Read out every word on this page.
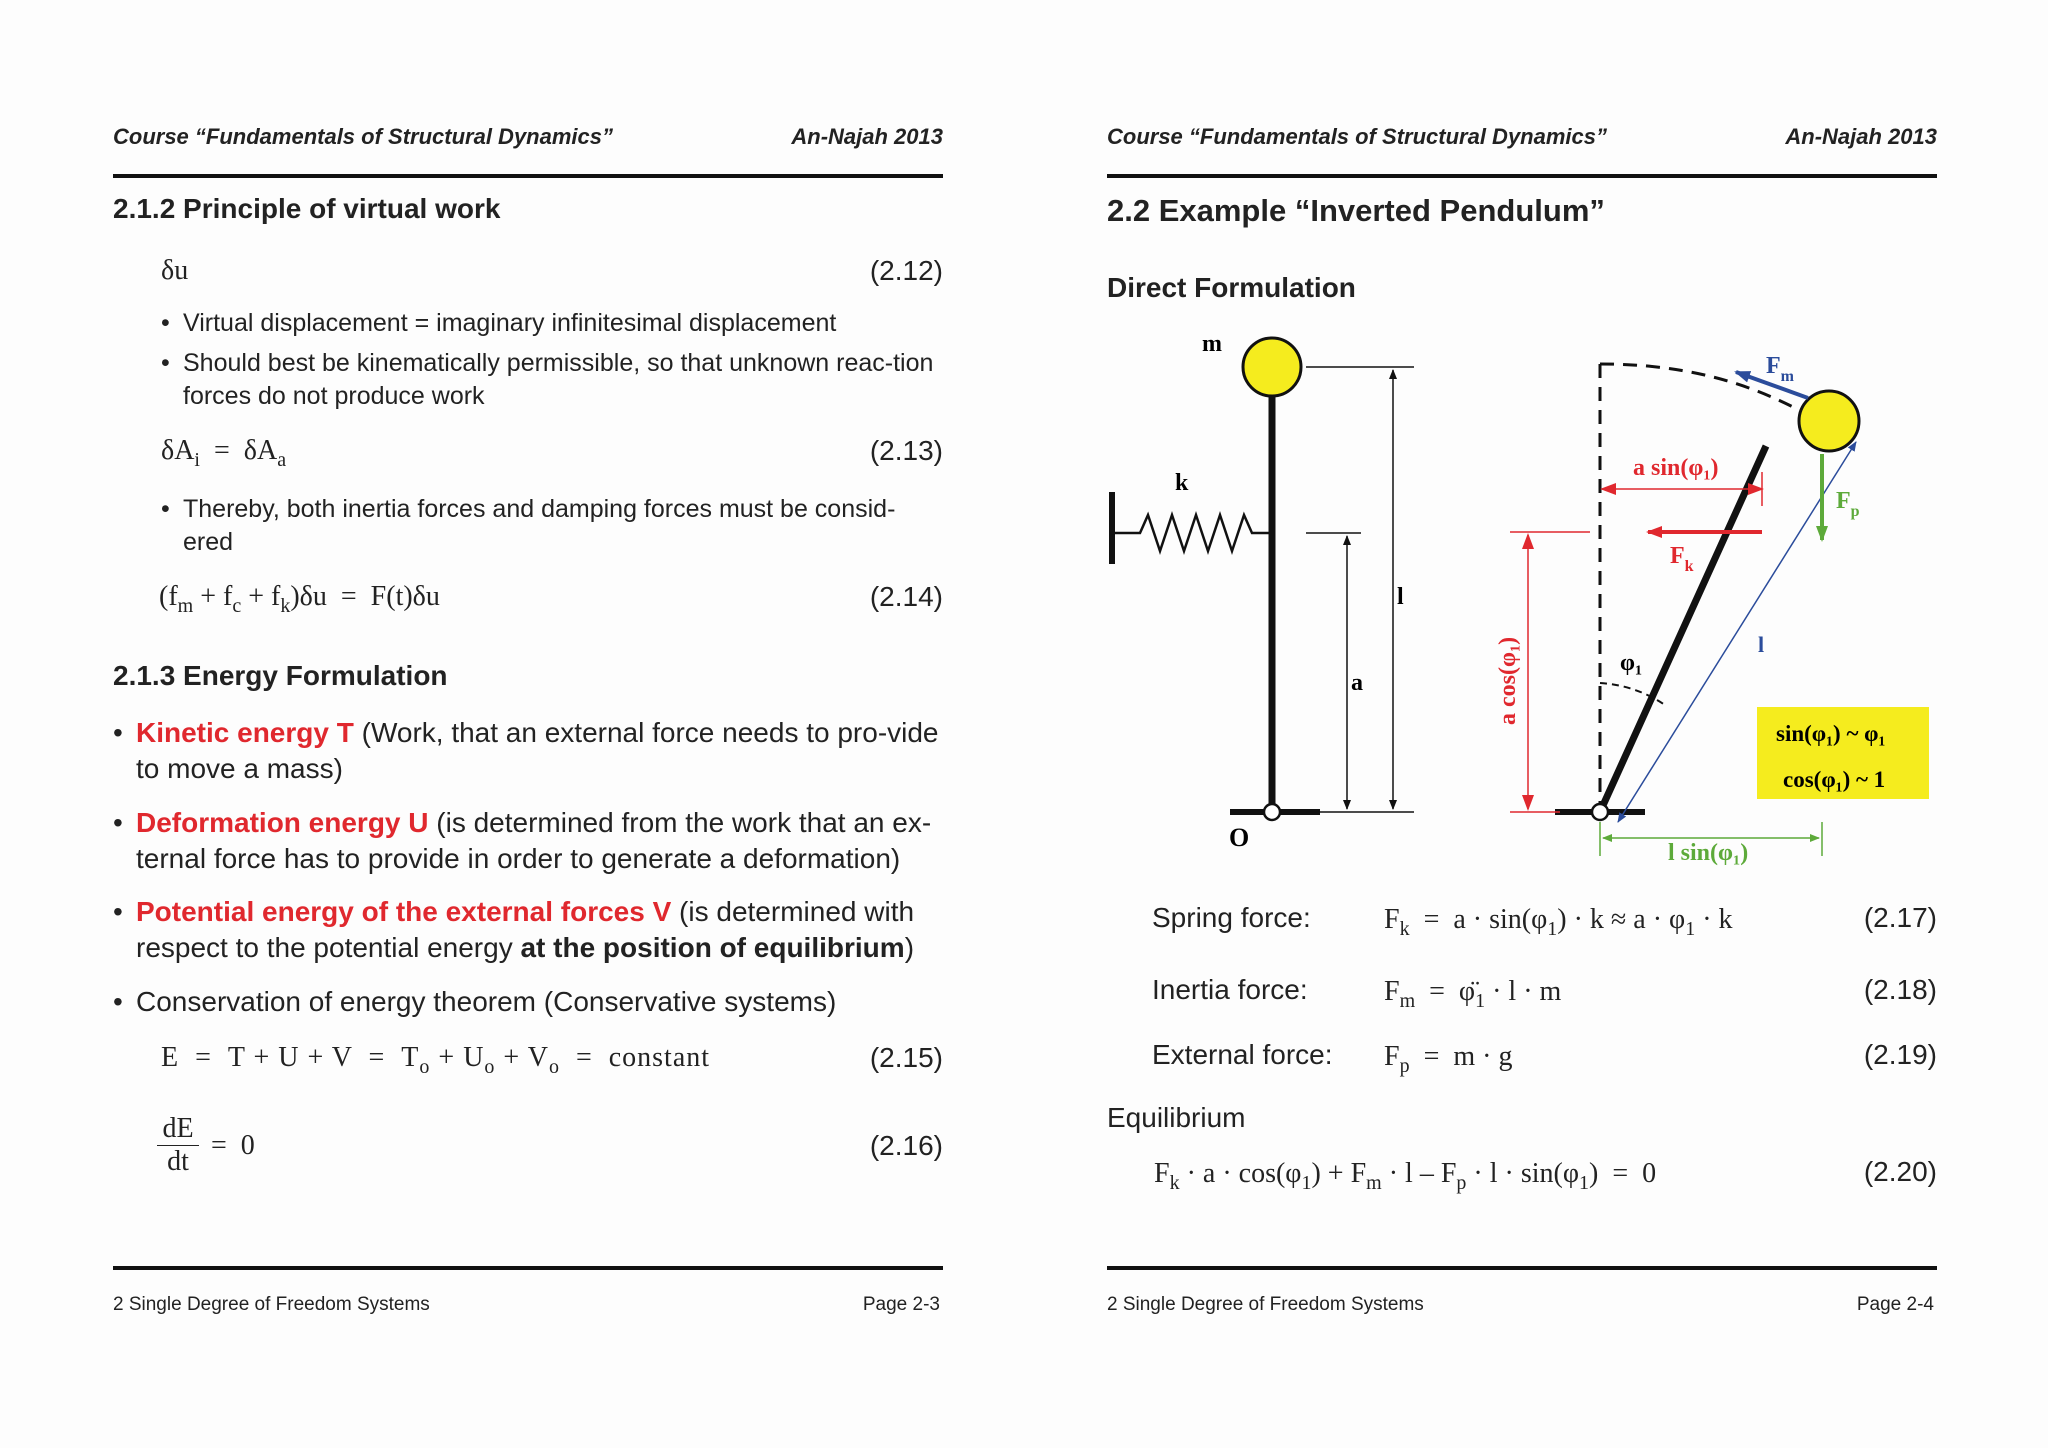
Course “Fundamentals of Structural Dynamics”	An-Najah 2013
2.1.2 Principle of virtual work
δu	(2.12)
• Virtual displacement = imaginary infinitesimal displacement
• Should best be kinematically permissible, so that unknown reac-tion forces do not produce work
$\delta A_i = \delta A_a$	(2.13)
• Thereby, both inertia forces and damping forces must be consid-ered
$(f_m + f_c + f_k)\delta u = F(t)\delta u$	(2.14)
2.1.3 Energy Formulation
• Kinetic energy T (Work, that an external force needs to pro-vide to move a mass)
• Deformation energy U (is determined from the work that an ex-ternal force has to provide in order to generate a deformation)
• Potential energy of the external forces V (is determined with respect to the potential energy at the position of equilibrium)
• Conservation of energy theorem (Conservative systems)
$E = T + U + V = T_o + U_o + V_o$  =  constant	(2.15)
$\frac{dE}{dt} = 0$	(2.16)
2 Single Degree of Freedom Systems	Page 2-3
Course “Fundamentals of Structural Dynamics”	An-Najah 2013
2.2 Example “Inverted Pendulum”
Direct Formulation
m
k
l
a
O
$F_m$
$F_p$
$F_k$
a sin(φ₁)
a cos(φ₁)
l sin(φ₁)
φ₁
l
sin(φ₁) ~ φ₁
cos(φ₁) ~ 1
Spring force:	$F_k = a \cdot \sin(\varphi_1) \cdot k \approx a \cdot \varphi_1 \cdot k$	(2.17)
Inertia force:	$F_m$  =  $\varphï_1 \cdot l \cdot m$	(2.18)
External force: $F_p = m \cdot g$	(2.19)
Equilibrium
$F_k \cdot a \cdot \cos(\varphi_1) + F_m \cdot l - F_p \cdot l \cdot \sin(\varphi_1) = 0$	(2.20)
2 Single Degree of Freedom Systems	Page 2-4
